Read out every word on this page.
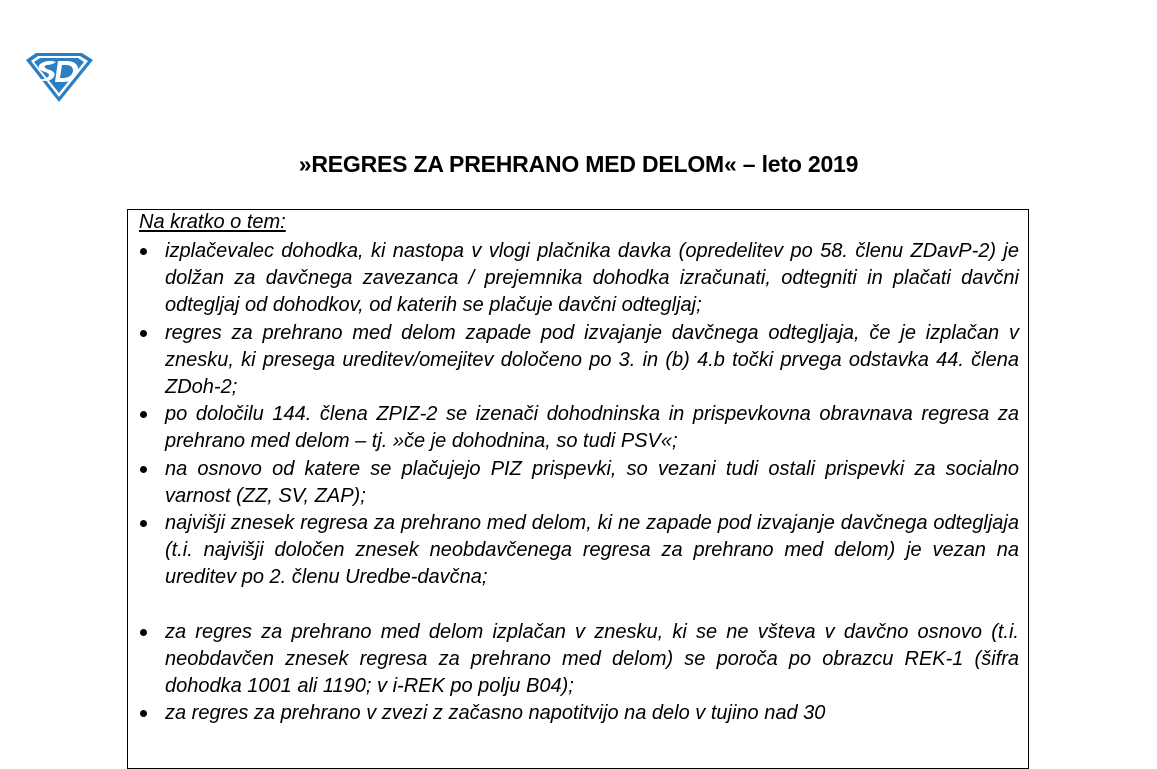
»REGRES ZA PREHRANO MED DELOM« – leto 2019
Na kratko o tem:
izplačevalec dohodka, ki nastopa v vlogi plačnika davka (opredelitev po 58. členu ZDavP-2) je dolžan za davčnega zavezanca / prejemnika dohodka izračunati, odtegniti in plačati davčni odtegljaj od dohodkov, od katerih se plačuje davčni odtegljaj;
regres za prehrano med delom zapade pod izvajanje davčnega odtegljaja, če je izplačan v znesku, ki presega ureditev/omejitev določeno po 3. in (b) 4.b točki prvega odstavka 44. člena ZDoh-2;
po določilu 144. člena ZPIZ-2 se izenači dohodninska in prispevkovna obravnava regresa za prehrano med delom – tj. »če je dohodnina, so tudi PSV«;
na osnovo od katere se plačujejo PIZ prispevki, so vezani tudi ostali prispevki za socialno varnost (ZZ, SV, ZAP);
najvišji znesek regresa za prehrano med delom, ki ne zapade pod izvajanje davčnega odtegljaja (t.i. najvišji določen znesek neobdavčenega regresa za prehrano med delom) je vezan na ureditev po 2. členu Uredbe-davčna;
za regres za prehrano med delom izplačan v znesku, ki se ne všteva v davčno osnovo (t.i. neobdavčen znesek regresa za prehrano med delom) se poroča po obrazcu REK-1 (šifra dohodka 1001 ali 1190; v i-REK po polju B04);
za regres za prehrano v zvezi z začasno napotitvijo na delo v tujino nad 30
